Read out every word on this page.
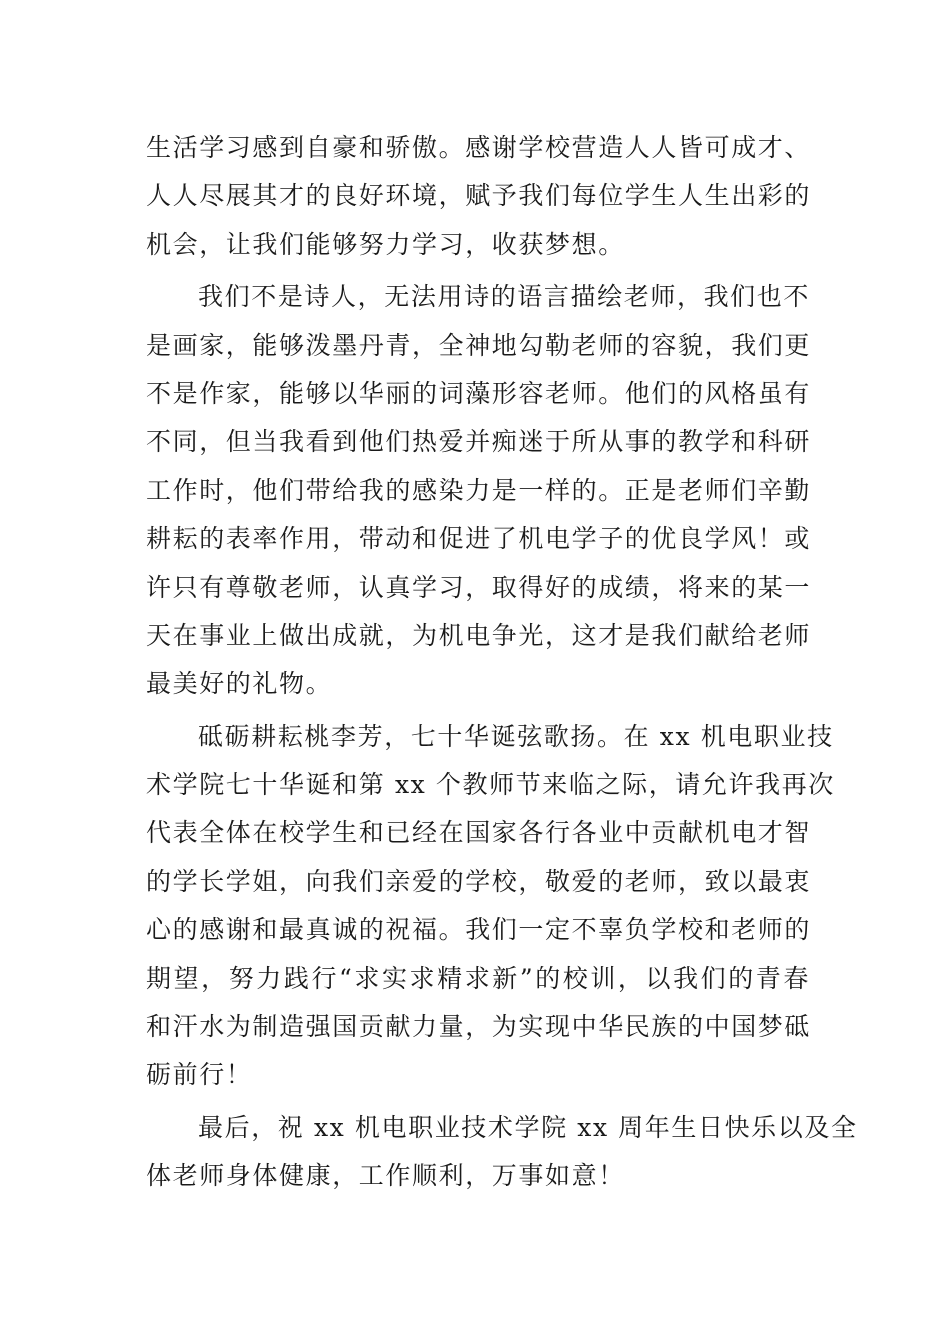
生活学习感到自豪和骄傲。感谢学校营造人人皆可成才、
人人尽展其才的良好环境，赋予我们每位学生人生出彩的
机会，让我们能够努力学习，收获梦想。
我们不是诗人，无法用诗的语言描绘老师，我们也不
是画家，能够泼墨丹青，全神地勾勒老师的容貌，我们更
不是作家，能够以华丽的词藻形容老师。他们的风格虽有
不同，但当我看到他们热爱并痴迷于所从事的教学和科研
工作时，他们带给我的感染力是一样的。正是老师们辛勤
耕耘的表率作用，带动和促进了机电学子的优良学风！或
许只有尊敬老师，认真学习，取得好的成绩，将来的某一
天在事业上做出成就，为机电争光，这才是我们献给老师
最美好的礼物。
砥砺耕耘桃李芳，七十华诞弦歌扬。在 xx 机电职业技
术学院七十华诞和第 xx 个教师节来临之际，请允许我再次
代表全体在校学生和已经在国家各行各业中贡献机电才智
的学长学姐，向我们亲爱的学校，敬爱的老师，致以最衷
心的感谢和最真诚的祝福。我们一定不辜负学校和老师的
期望，努力践行“求实求精求新”的校训，以我们的青春
和汗水为制造强国贡献力量，为实现中华民族的中国梦砥
砺前行！
最后，祝 xx 机电职业技术学院 xx 周年生日快乐以及全
体老师身体健康，工作顺利，万事如意！
